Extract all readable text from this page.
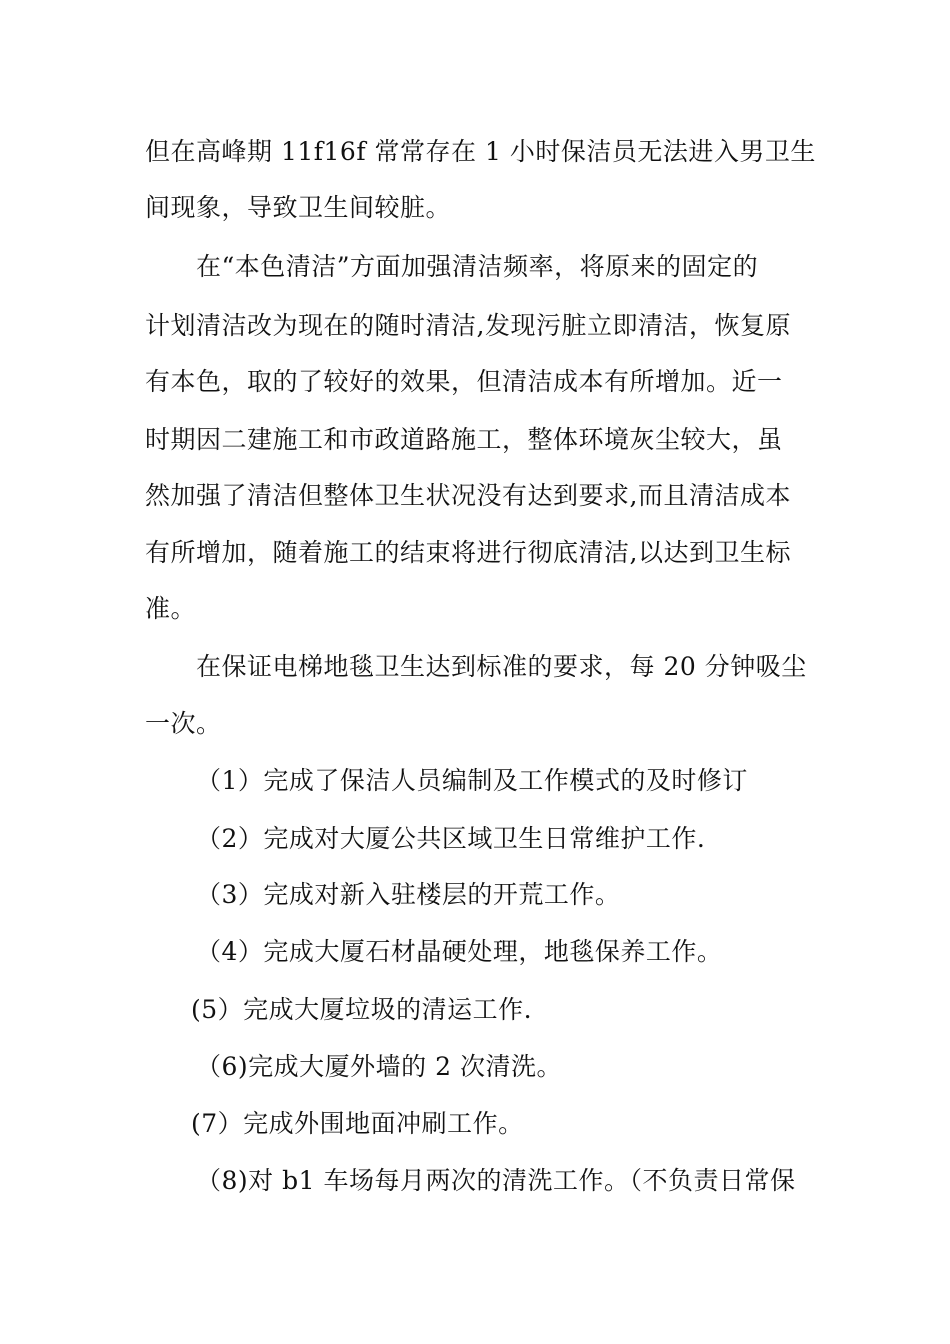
但在高峰期 11f16f 常常存在 1 小时保洁员无法进入男卫生
间现象，导致卫生间较脏。
在“本色清洁”方面加强清洁频率，将原来的固定的
计划清洁改为现在的随时清洁,发现污脏立即清洁，恢复原
有本色，取的了较好的效果，但清洁成本有所增加。近一
时期因二建施工和市政道路施工，整体环境灰尘较大，虽
然加强了清洁但整体卫生状况没有达到要求,而且清洁成本
有所增加，随着施工的结束将进行彻底清洁,以达到卫生标
准。
在保证电梯地毯卫生达到标准的要求，每 20 分钟吸尘
一次。
（1）完成了保洁人员编制及工作模式的及时修订
（2）完成对大厦公共区域卫生日常维护工作.
（3）完成对新入驻楼层的开荒工作。
（4）完成大厦石材晶硬处理，地毯保养工作。
(5）完成大厦垃圾的清运工作.
（6)完成大厦外墙的 2 次清洗。
(7）完成外围地面冲刷工作。
（8)对 b1 车场每月两次的清洗工作。（不负责日常保
